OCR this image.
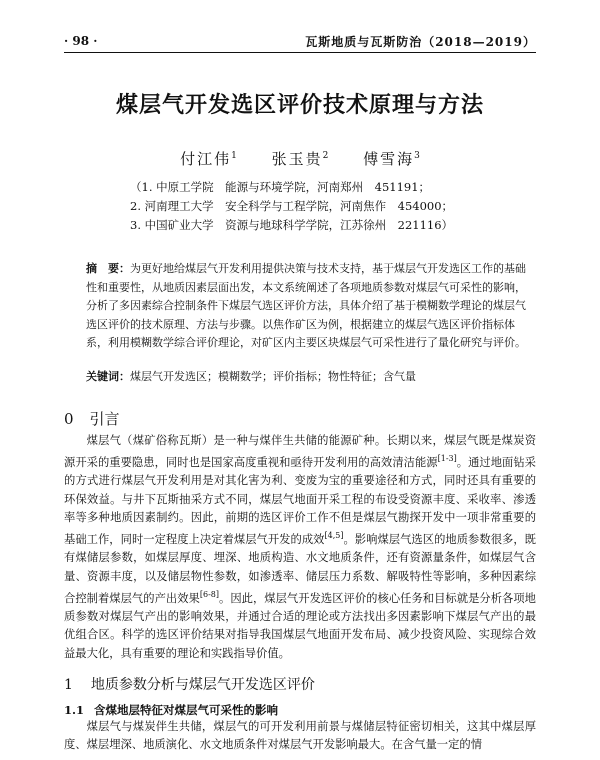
· 98 ·	瓦斯地质与瓦斯防治（2018—2019）
煤层气开发选区评价技术原理与方法
付江伟$^1$ 张玉贵$^2$ 傅雪海$^3$
（1. 中原工学院　能源与环境学院，河南郑州　451191；
2. 河南理工大学　安全科学与工程学院，河南焦作　454000；
3. 中国矿业大学　资源与地球科学学院，江苏徐州　221116）
摘　要：为更好地给煤层气开发利用提供决策与技术支持，基于煤层气开发选区工作的基础性和重要性，从地质因素层面出发，本文系统阐述了各项地质参数对煤层气可采性的影响，分析了多因素综合控制条件下煤层气选区评价方法，具体介绍了基于模糊数学理论的煤层气选区评价的技术原理、方法与步骤。以焦作矿区为例，根据建立的煤层气选区评价指标体系，利用模糊数学综合评价理论，对矿区内主要区块煤层气可采性进行了量化研究与评价。
关键词：煤层气开发选区；模糊数学；评价指标；物性特征；含气量
0 引言
煤层气（煤矿俗称瓦斯）是一种与煤伴生共储的能源矿种。长期以来，煤层气既是煤炭资源开采的重要隐患，同时也是国家高度重视和亟待开发利用的高效清洁能源[1-3]。通过地面钻采的方式进行煤层气开发利用是对其化害为利、变废为宝的重要途径和方式，同时还具有重要的环保效益。与井下瓦斯抽采方式不同，煤层气地面开采工程的布设受资源丰度、采收率、渗透率等多种地质因素制约。因此，前期的选区评价工作不但是煤层气勘探开发中一项非常重要的基础工作，同时一定程度上决定着煤层气开发的成效[4,5]。影响煤层气选区的地质参数很多，既有煤储层参数，如煤层厚度、埋深、地质构造、水文地质条件，还有资源量条件，如煤层气含量、资源丰度，以及储层物性参数，如渗透率、储层压力系数、解吸特性等影响，多种因素综合控制着煤层气的产出效果[6-8]。因此，煤层气开发选区评价的核心任务和目标就是分析各项地质参数对煤层气产出的影响效果，并通过合适的理论或方法找出多因素影响下煤层气产出的最优组合区。科学的选区评价结果对指导我国煤层气地面开发布局、减少投资风险、实现综合效益最大化，具有重要的理论和实践指导价值。
1 地质参数分析与煤层气开发选区评价
1.1 含煤地层特征对煤层气可采性的影响
煤层气与煤炭伴生共储，煤层气的可开发利用前景与煤储层特征密切相关，这其中煤层厚度、煤层埋深、地质演化、水文地质条件对煤层气开发影响最大。在含气量一定的情
